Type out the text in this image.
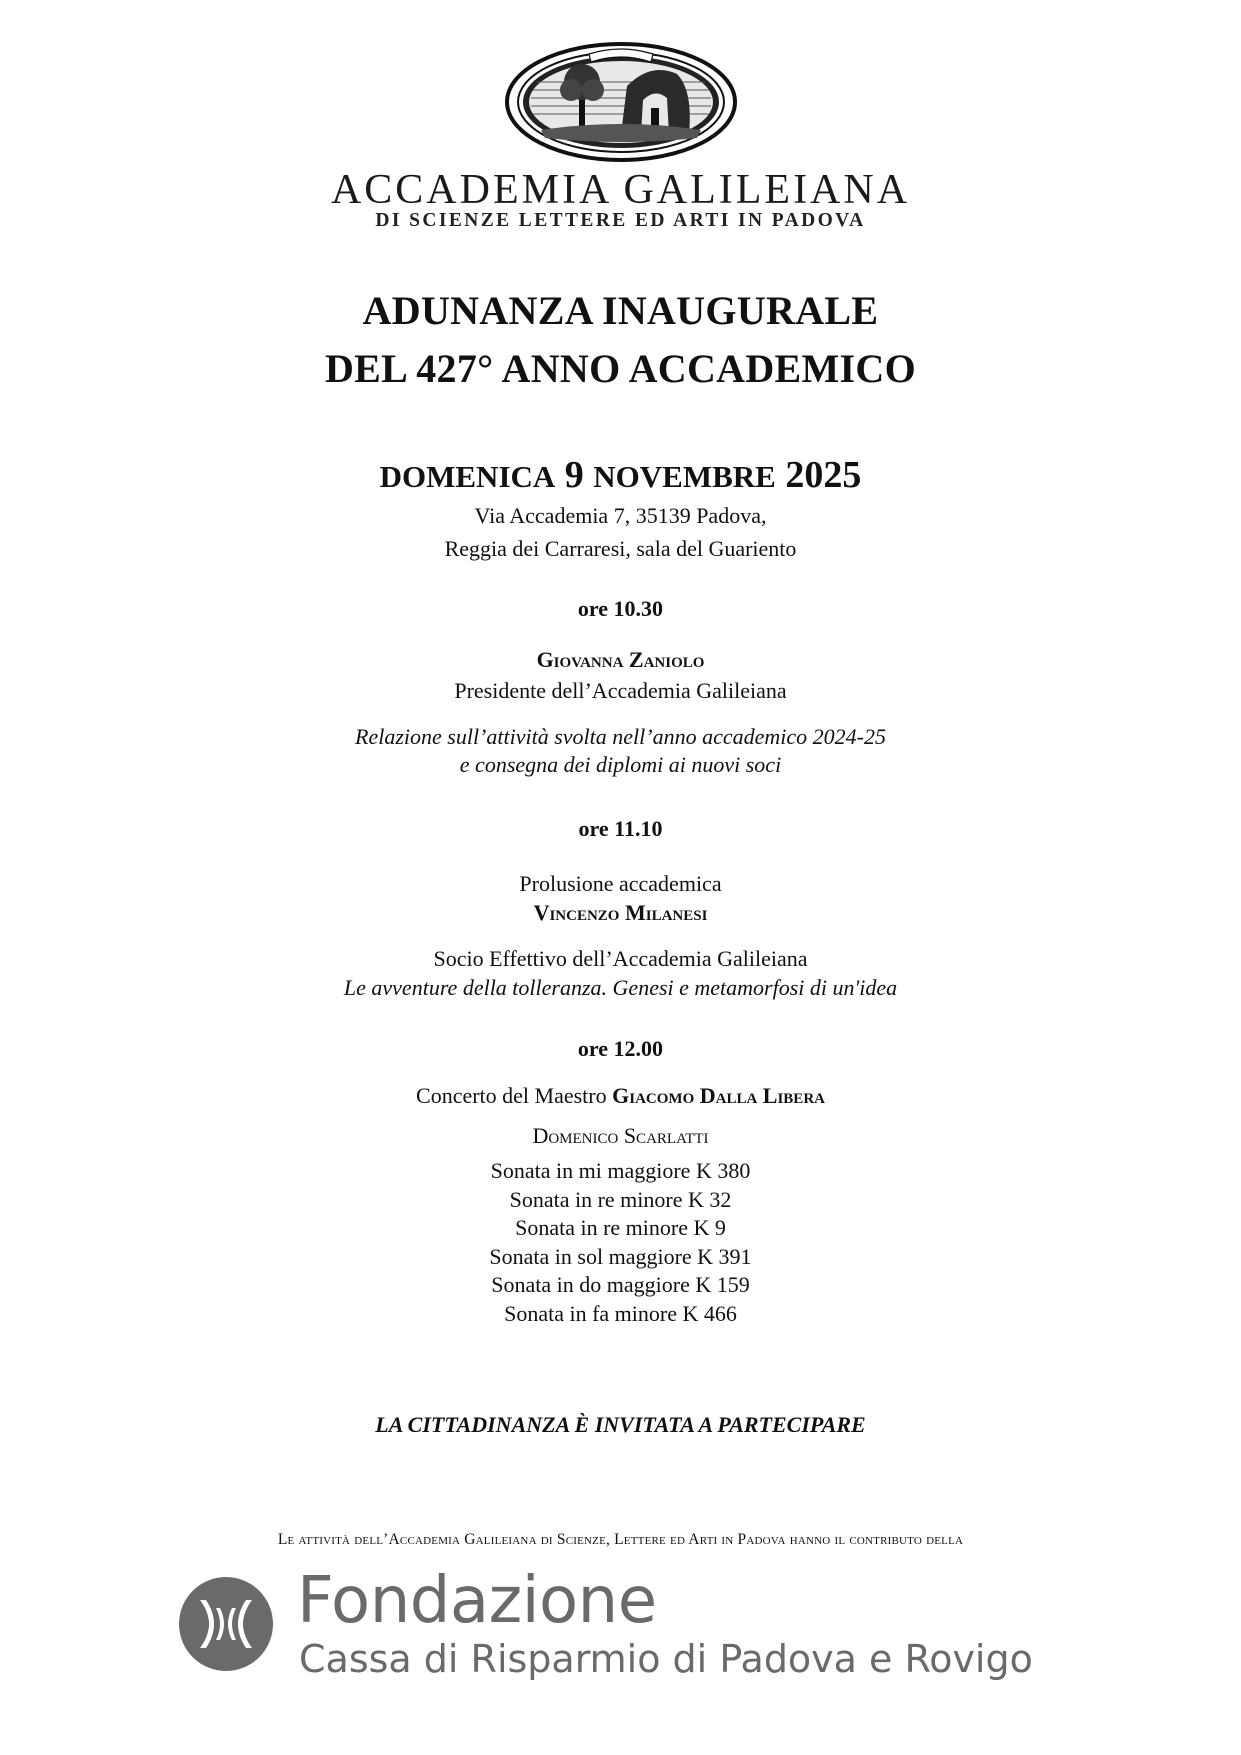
ACCADEMIA GALILEIANA
DI SCIENZE LETTERE ED ARTI IN PADOVA
ADUNANZA INAUGURALE
DEL 427° ANNO ACCADEMICO
DOMENICA 9 NOVEMBRE 2025
Via Accademia 7, 35139 Padova,
Reggia dei Carraresi, sala del Guariento
ore 10.30
Giovanna Zaniolo
Presidente dell’Accademia Galileiana
Relazione sull’attività svolta nell’anno accademico 2024-25
e consegna dei diplomi ai nuovi soci
ore 11.10
Prolusione accademica
Vincenzo Milanesi
Socio Effettivo dell’Accademia Galileiana
Le avventure della tolleranza. Genesi e metamorfosi di un'idea
ore 12.00
Concerto del Maestro Giacomo Dalla Libera
Domenico Scarlatti
Sonata in mi maggiore K 380
Sonata in re minore K 32
Sonata in re minore K 9
Sonata in sol maggiore K 391
Sonata in do maggiore K 159
Sonata in fa minore K 466
LA CITTADINANZA È INVITATA A PARTECIPARE
Le attività dell’Accademia Galileiana di Scienze, Lettere ed Arti in Padova hanno il contributo della
Fondazione
Cassa di Risparmio di Padova e Rovigo
